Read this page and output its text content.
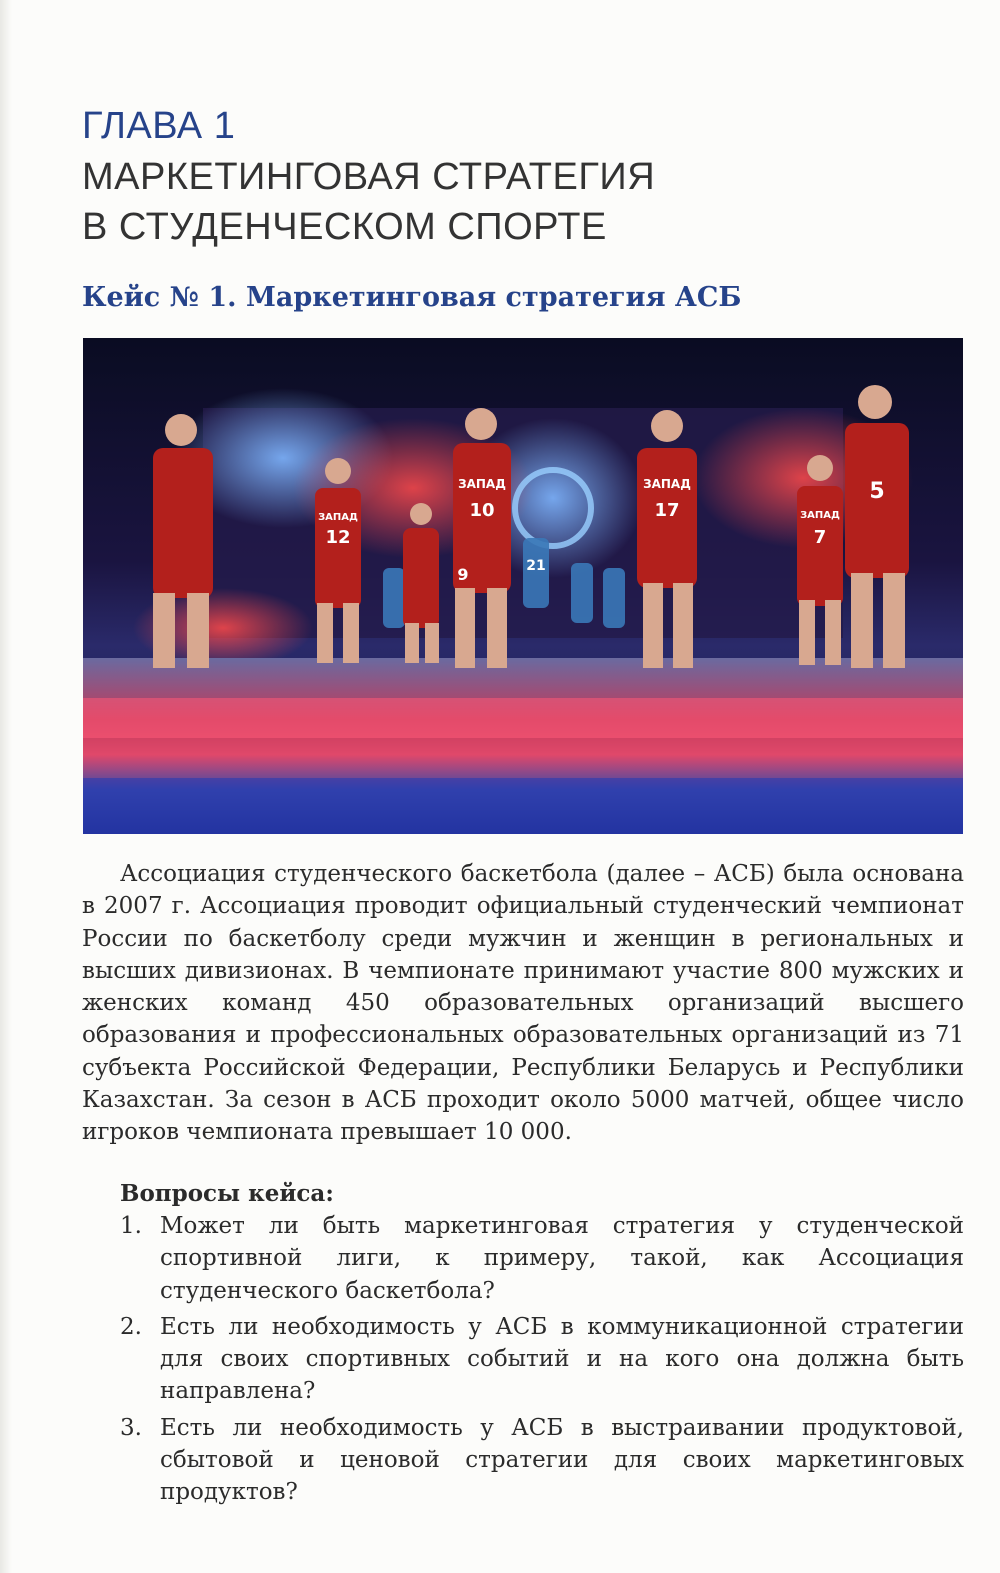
ГЛАВА 1
МАРКЕТИНГОВАЯ СТРАТЕГИЯ
В СТУДЕНЧЕСКОМ СПОРТЕ
Кейс № 1. Маркетинговая стратегия АСБ
ЗАПАД
ЗАПАД	ЗАПАД
ЗАПАД
12
10	17
7
5
9	21

Ассоциация студенческого баскетбола (далее – АСБ) была основана в 2007 г. Ассоциация проводит официальный студенческий чемпионат России по баскетболу среди мужчин и женщин в региональных и высших дивизионах. В чемпионате принимают участие 800 мужских и женских команд 450 образовательных организаций высшего образования и профессиональных образовательных организаций из 71 субъекта Российской Федерации, Республики Беларусь и Республики Казахстан. За сезон в АСБ проходит около 5000 матчей, общее число игроков чемпионата превышает 10 000.

Вопросы кейса:
1. Может ли быть маркетинговая стратегия у студенческой спортивной лиги, к примеру, такой, как Ассоциация студенческого баскетбола?
2. Есть ли необходимость у АСБ в коммуникационной стратегии для своих спортивных событий и на кого она должна быть направлена?
3. Есть ли необходимость у АСБ в выстраивании продуктовой, сбытовой и ценовой стратегии для своих маркетинговых продуктов?
